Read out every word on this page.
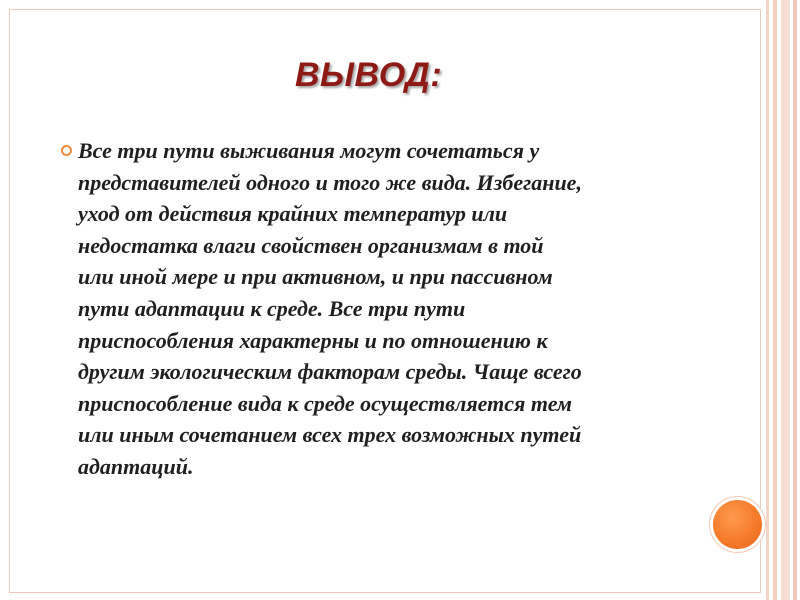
ВЫВОД:
Все три пути выживания могут сочетаться у
представителей одного и того же вида. Избегание,
уход от действия крайних температур или
недостатка влаги свойствен организмам в той
или иной мере и при активном, и при пассивном
пути адаптации к среде. Все три пути
приспособления характерны и по отношению к
другим экологическим факторам среды. Чаще всего
приспособление вида к среде осуществляется тем
или иным сочетанием всех трех возможных путей
адаптаций.
